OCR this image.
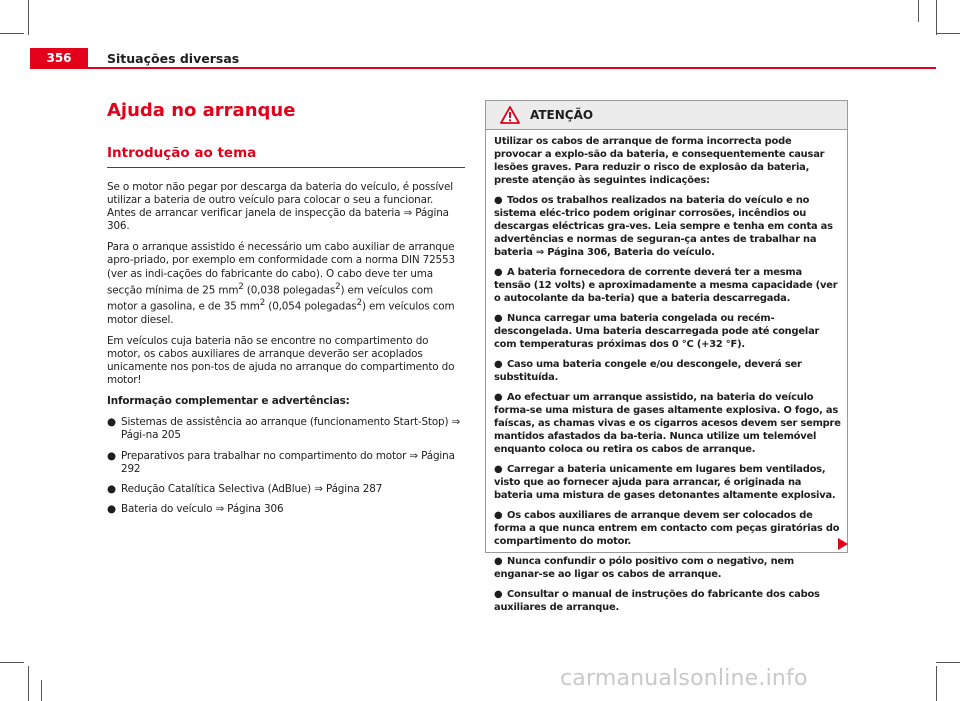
356	Situações diversas
Ajuda no arranque
Introdução ao tema

Se o motor não pegar por descarga da bateria do veículo, é possível utilizar a bateria de outro veículo para colocar o seu a funcionar. Antes de arrancar verificar janela de inspecção da bateria ⇒ Página 306.

Para o arranque assistido é necessário um cabo auxiliar de arranque apro-priado, por exemplo em conformidade com a norma DIN 72553 (ver as indi-cações do fabricante do cabo). O cabo deve ter uma secção mínima de 25 $mm^2$ (0,038 polegadas$^2$) em veículos com motor a gasolina, e de 35 $mm^2$ (0,054 polegadas$^2$) em veículos com motor diesel.

Em veículos cuja bateria não se encontre no compartimento do motor, os cabos auxiliares de arranque deverão ser acoplados unicamente nos pon-tos de ajuda no arranque do compartimento do motor!

Informação complementar e advertências:

● Sistemas de assistência ao arranque (funcionamento Start-Stop) ⇒ Pági-na 205
● Preparativos para trabalhar no compartimento do motor ⇒ Página 292
● Redução Catalítica Selectiva (AdBlue) ⇒ Página 287
● Bateria do veículo ⇒ Página 306
ATENÇÃO

Utilizar os cabos de arranque de forma incorrecta pode provocar a explo-são da bateria, e consequentemente causar lesões graves. Para reduzir o risco de explosão da bateria, preste atenção às seguintes indicações:

● Todos os trabalhos realizados na bateria do veículo e no sistema eléc-trico podem originar corrosões, incêndios ou descargas eléctricas gra-ves. Leia sempre e tenha em conta as advertências e normas de seguran-ça antes de trabalhar na bateria ⇒ Página 306, Bateria do veículo.
● A bateria fornecedora de corrente deverá ter a mesma tensão (12 volts) e aproximadamente a mesma capacidade (ver o autocolante da ba-teria) que a bateria descarregada.
● Nunca carregar uma bateria congelada ou recém-descongelada. Uma bateria descarregada pode até congelar com temperaturas próximas dos 0 °C (+32 °F).
● Caso uma bateria congele e/ou descongele, deverá ser substituída.
● Ao efectuar um arranque assistido, na bateria do veículo forma-se uma mistura de gases altamente explosiva. O fogo, as faíscas, as chamas vivas e os cigarros acesos devem ser sempre mantidos afastados da ba-teria. Nunca utilize um telemóvel enquanto coloca ou retira os cabos de arranque.
● Carregar a bateria unicamente em lugares bem ventilados, visto que ao fornecer ajuda para arrancar, é originada na bateria uma mistura de gases detonantes altamente explosiva.
● Os cabos auxiliares de arranque devem ser colocados de forma a que nunca entrem em contacto com peças giratórias do compartimento do motor.
● Nunca confundir o pólo positivo com o negativo, nem enganar-se ao ligar os cabos de arranque.
● Consultar o manual de instruções do fabricante dos cabos auxiliares de arranque.
carmanualsonline.info
